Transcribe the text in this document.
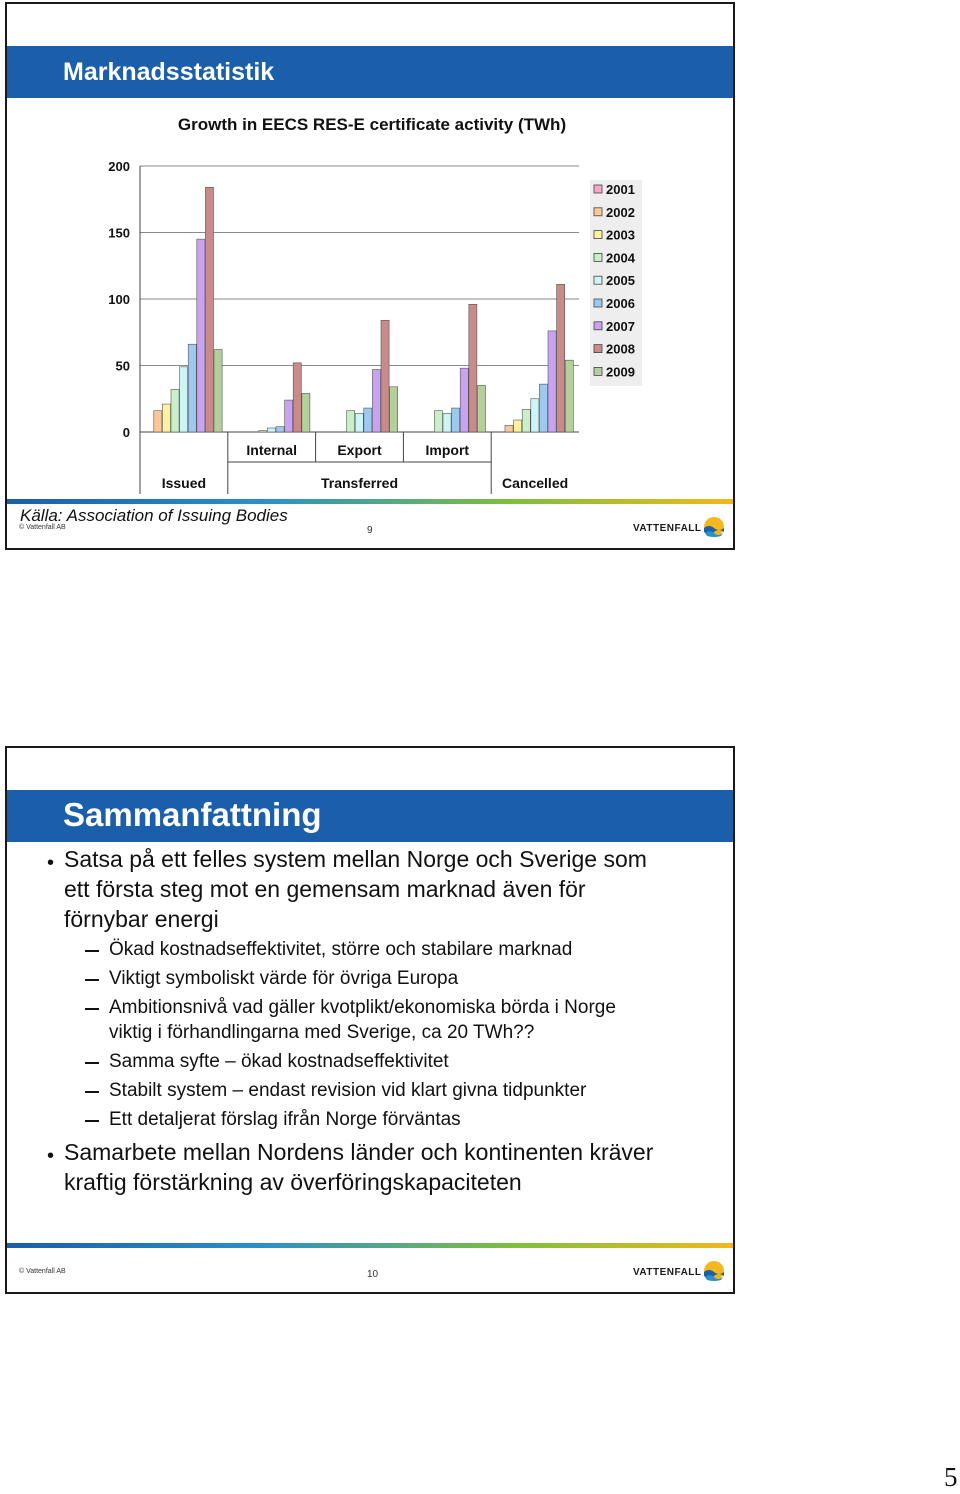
Marknadsstatistik
Growth in EECS RES-E certificate activity (TWh)
0
50
100
150
200
Issued
Internal	Export	Import
Cancelled
Transferred
2001
2002
2003
2004
2005
2006
2007
2008
2009
Källa: Association of Issuing Bodies
© Vattenfall AB	9	VATTENFALL
Sammanfattning
• Satsa på ett felles system mellan Norge och Sverige som
ett första steg mot en gemensam marknad även för
förnybar energi
Ökad kostnadseffektivitet, större och stabilare marknad
Viktigt symboliskt värde för övriga Europa
Ambitionsnivå vad gäller kvotplikt/ekonomiska börda i Norge
viktig i förhandlingarna med Sverige, ca 20 TWh??
Samma syfte – ökad kostnadseffektivitet
Stabilt system – endast revision vid klart givna tidpunkter
Ett detaljerat förslag ifrån Norge förväntas
• Samarbete mellan Nordens länder och kontinenten kräver
kraftig förstärkning av överföringskapaciteten
© Vattenfall AB	10	VATTENFALL
5
